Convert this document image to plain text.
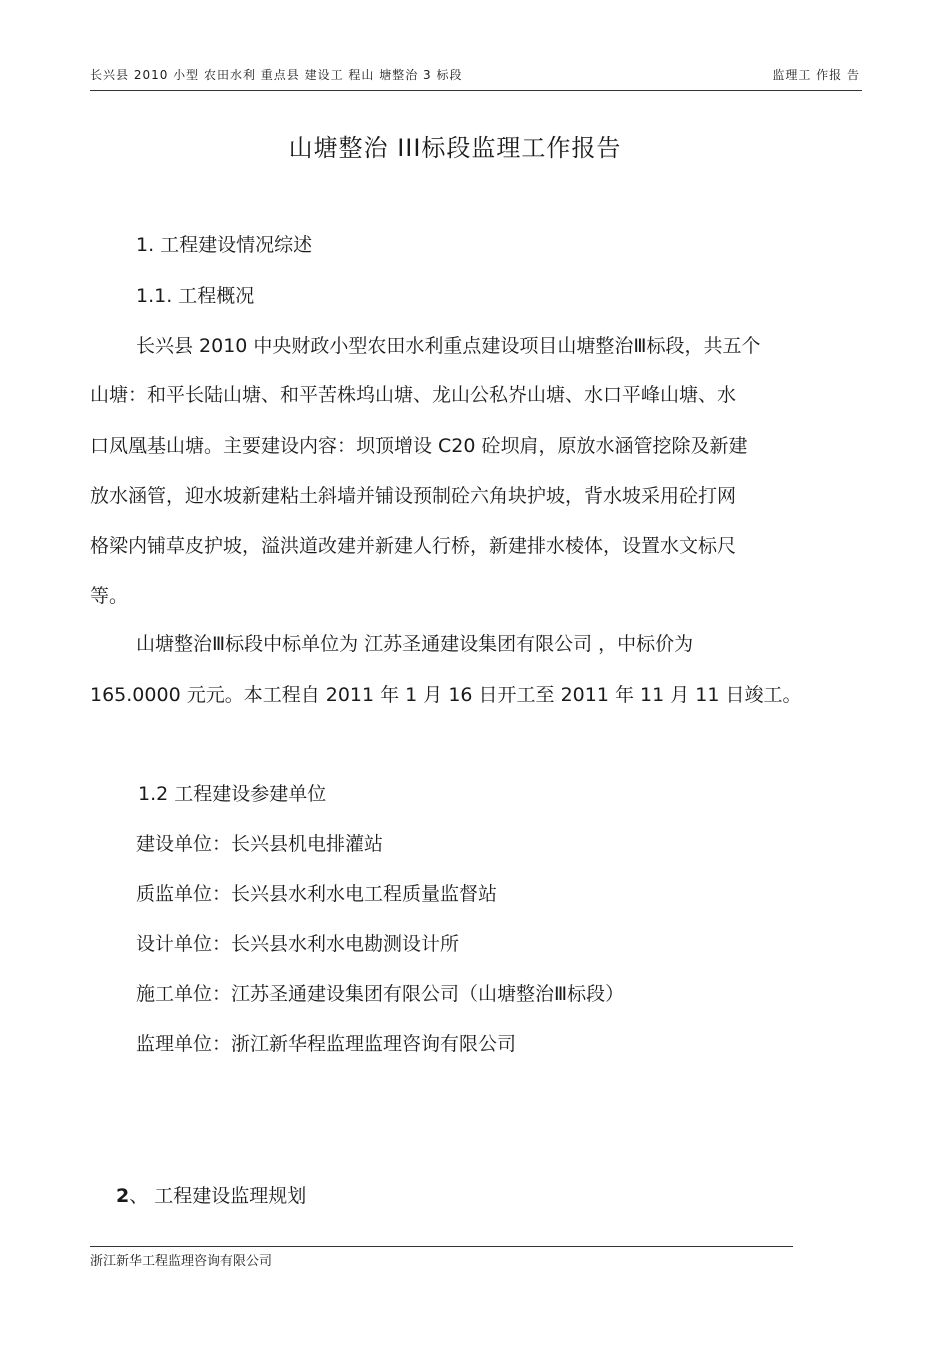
长兴县 2010 小型 农田水利 重点县 建设工 程山 塘整治 3 标段	监理工 作报 告
山塘整治 III标段监理工作报告
1. 工程建设情况综述
1.1. 工程概况
长兴县 2010 中央财政小型农田水利重点建设项目山塘整治Ⅲ标段，共五个
山塘：和平长陆山塘、和平苦株坞山塘、龙山公私岕山塘、水口平峰山塘、水
口凤凰基山塘。主要建设内容：坝顶增设 C20 砼坝肩，原放水涵管挖除及新建
放水涵管，迎水坡新建粘土斜墙并铺设预制砼六角块护坡，背水坡采用砼打网
格梁内铺草皮护坡，溢洪道改建并新建人行桥，新建排水棱体，设置水文标尺
等。
山塘整治Ⅲ标段中标单位为 江苏圣通建设集团有限公司 ，中标价为
165.0000 元元。本工程自 2011 年 1 月 16 日开工至 2011 年 11 月 11 日竣工。
1.2 工程建设参建单位
建设单位：长兴县机电排灌站
质监单位：长兴县水利水电工程质量监督站
设计单位：长兴县水利水电勘测设计所
施工单位：江苏圣通建设集团有限公司（山塘整治Ⅲ标段）
监理单位：浙江新华程监理监理咨询有限公司
2、 工程建设监理规划
浙江新华工程监理咨询有限公司
